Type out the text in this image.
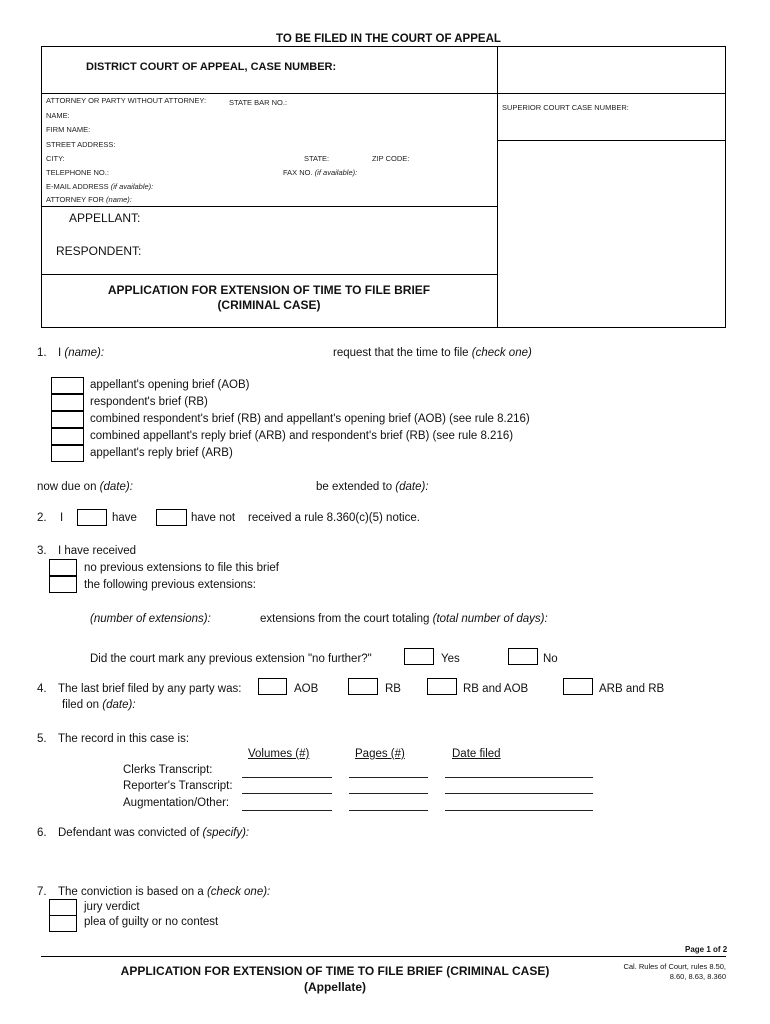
TO BE FILED IN THE COURT OF APPEAL
DISTRICT COURT OF APPEAL, CASE NUMBER:
ATTORNEY OR PARTY WITHOUT ATTORNEY:	STATE BAR NO.:
SUPERIOR COURT CASE NUMBER:
NAME:
FIRM NAME:
STREET ADDRESS:
CITY:	STATE:	ZIP CODE:
TELEPHONE NO.:	FAX NO. (if available):
E-MAIL ADDRESS (if available):
ATTORNEY FOR (name):
APPELLANT:
RESPONDENT:
APPLICATION FOR EXTENSION OF TIME TO FILE BRIEF
(CRIMINAL CASE)
1. I (name):	request that the time to file (check one)
appellant's opening brief (AOB)
respondent's brief (RB)
combined respondent's brief (RB) and appellant's opening brief (AOB) (see rule 8.216)
combined appellant's reply brief (ARB) and respondent's brief (RB) (see rule 8.216)
appellant's reply brief (ARB)
now due on (date):	be extended to (date):
2. I	have	have not received a rule 8.360(c)(5) notice.
3. I have received
no previous extensions to file this brief
the following previous extensions:
(number of extensions):	extensions from the court totaling (total number of days):
Did the court mark any previous extension "no further?"	Yes	No
4. The last brief filed by any party was:	AOB	RB	RB and AOB	ARB and RB
filed on (date):
5. The record in this case is:
Volumes (#)	Pages (#)	Date filed
Clerks Transcript:
Reporter's Transcript:
Augmentation/Other:
6. Defendant was convicted of (specify):
7. The conviction is based on a (check one):
jury verdict
plea of guilty or no contest
Page 1 of 2
APPLICATION FOR EXTENSION OF TIME TO FILE BRIEF (CRIMINAL CASE)
(Appellate)
Cal. Rules of Court, rules 8.50,
8.60, 8.63, 8.360
